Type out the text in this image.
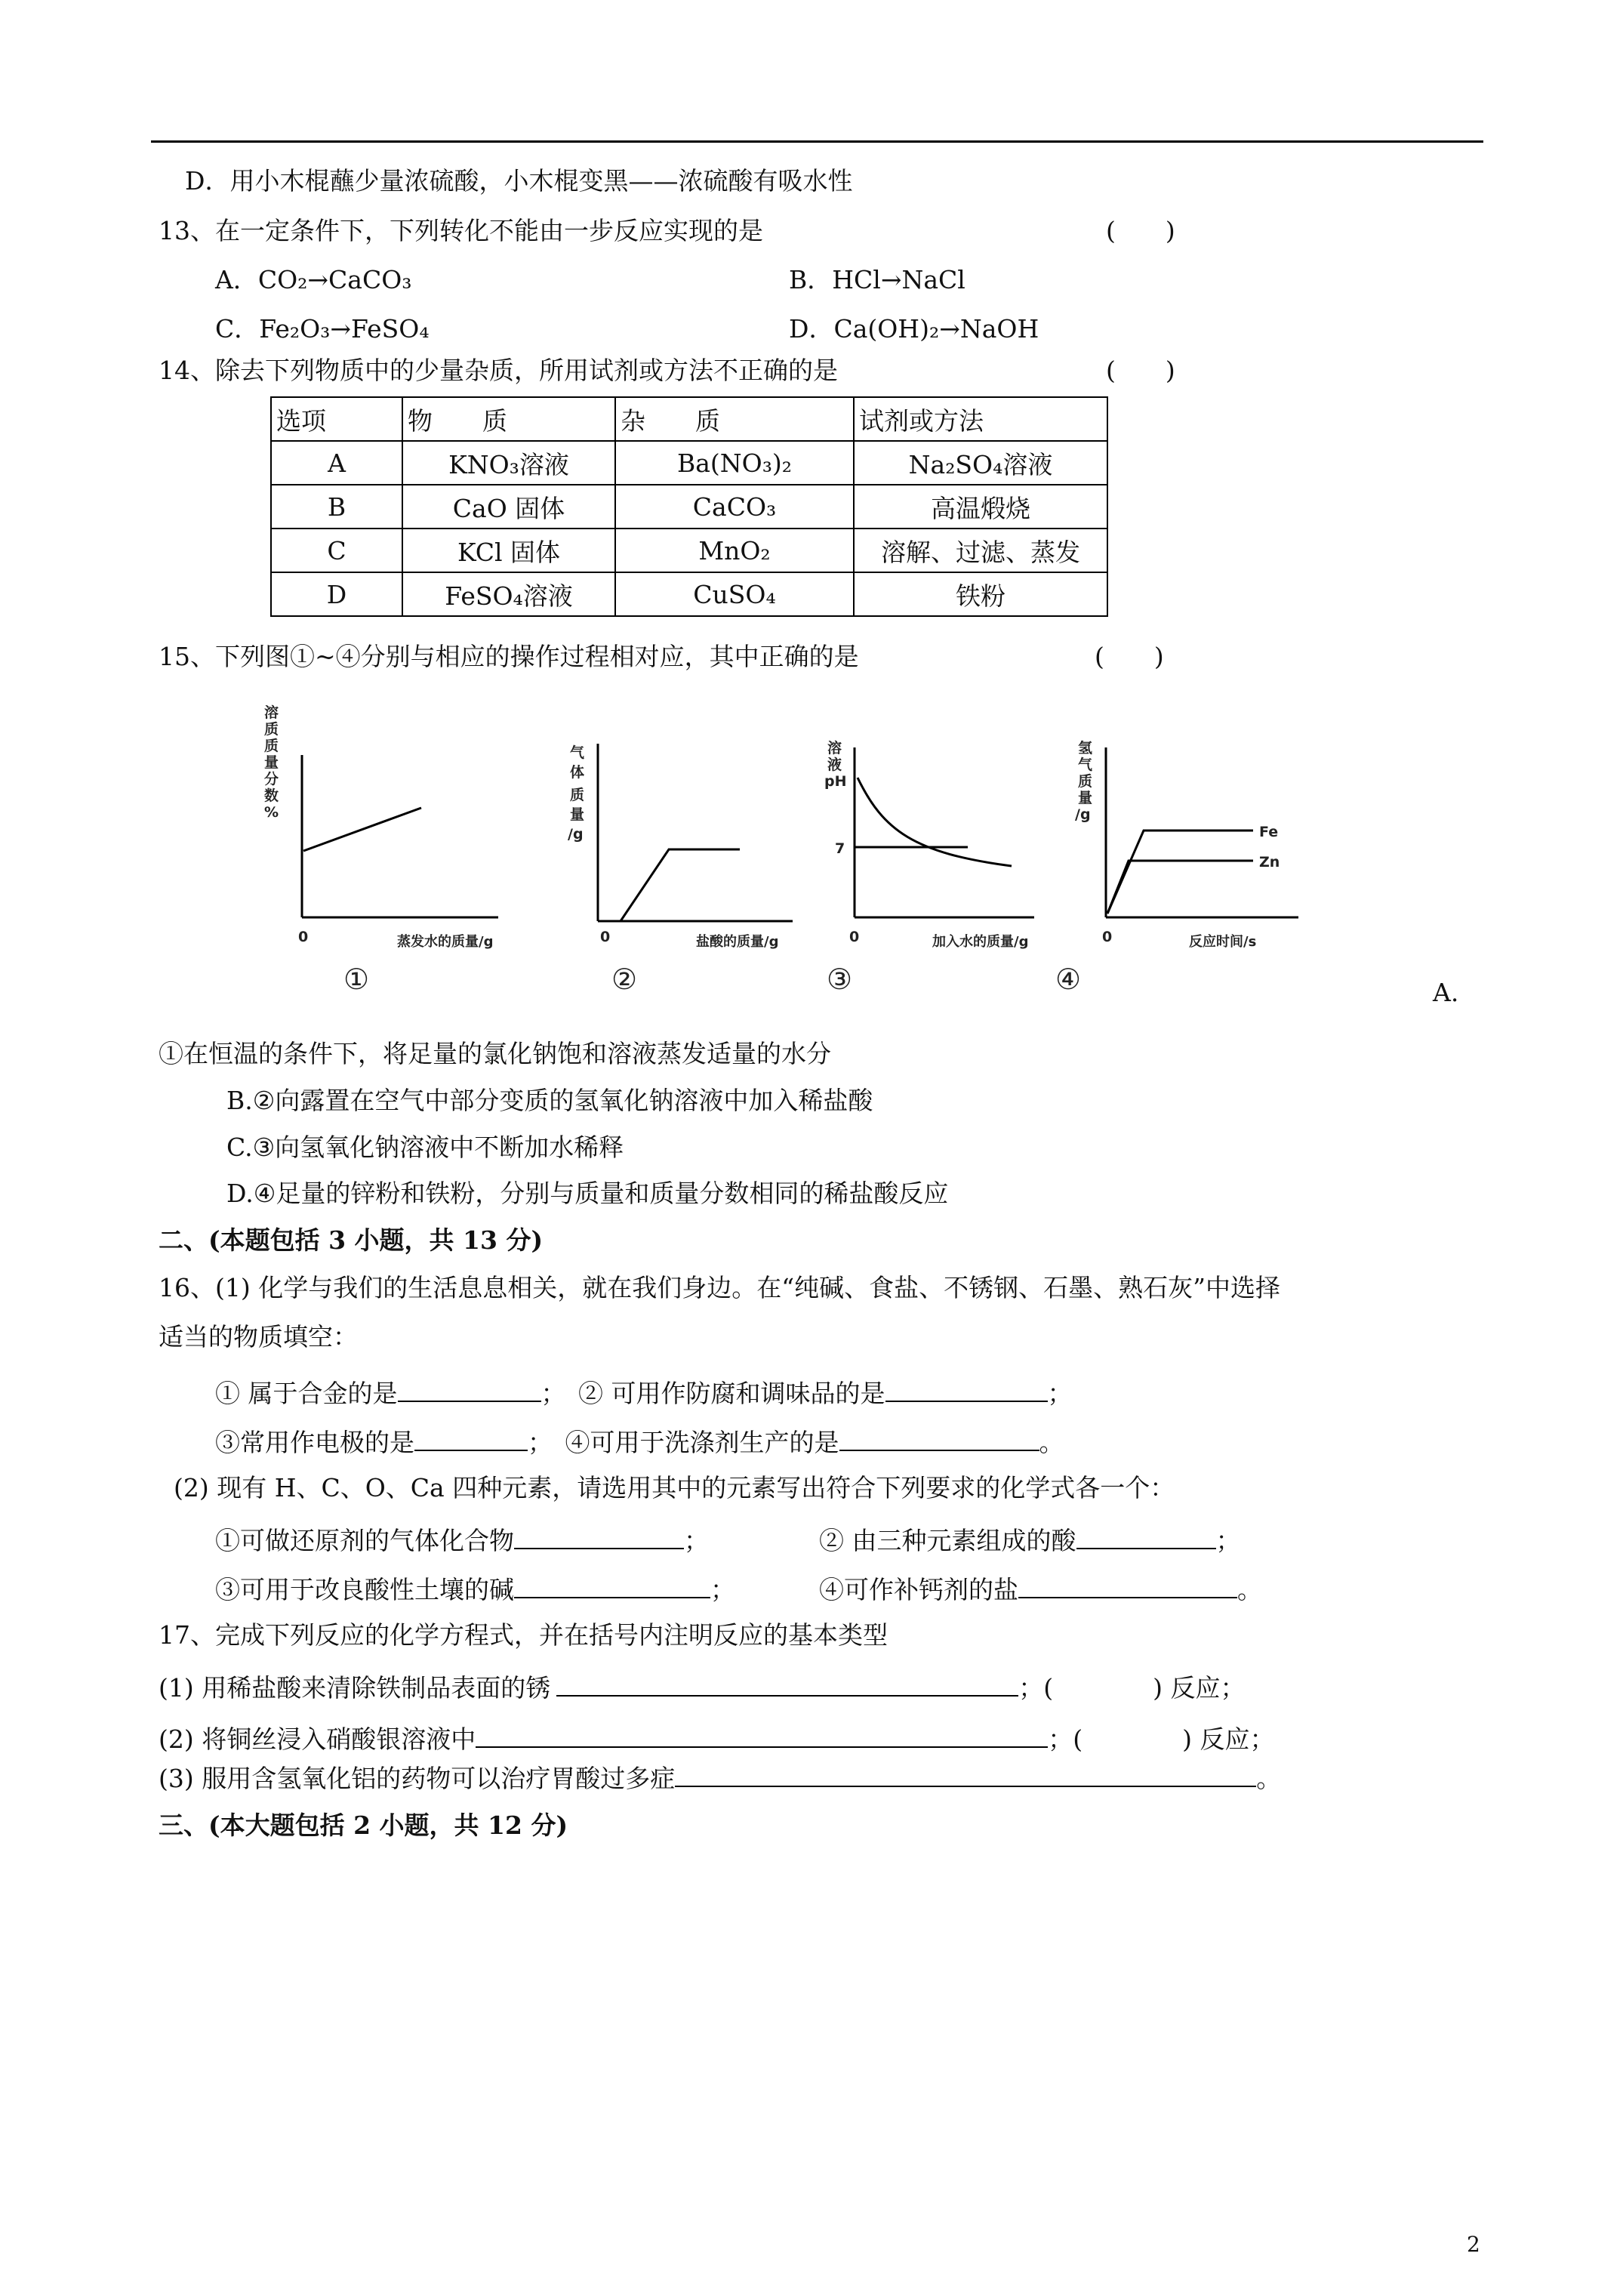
D．用小木棍蘸少量浓硫酸，小木棍变黑——浓硫酸有吸水性
13、在一定条件下，下列转化不能由一步反应实现的是	(　　)
A．CO₂→CaCO₃	B．HCl→NaCl
C．Fe₂O₃→FeSO₄	D．Ca(OH)₂→NaOH
14、除去下列物质中的少量杂质，所用试剂或方法不正确的是	(　　)
选项	物　　质	杂　　质	试剂或方法
A	KNO₃溶液	Ba(NO₃)₂	Na₂SO₄溶液
B	CaO 固体	CaCO₃	高温煅烧
C	KCl 固体	MnO₂	溶解、过滤、蒸发
D	FeSO₄溶液	CuSO₄	铁粉
15、下列图①~④分别与相应的操作过程相对应，其中正确的是	(　　)
溶质质量分数%
0	蒸发水的质量/g
①
气体质量/g
0	盐酸的质量/g
②
溶液 pH
7
0	加入水的质量/g
③
氢气质量/g
Fe
Zn
0	反应时间/s
④	A.
①在恒温的条件下，将足量的氯化钠饱和溶液蒸发适量的水分
B.②向露置在空气中部分变质的氢氧化钠溶液中加入稀盐酸
C.③向氢氧化钠溶液中不断加水稀释
D.④足量的锌粉和铁粉，分别与质量和质量分数相同的稀盐酸反应
二、(本题包括 3 小题，共 13 分)
16、(1) 化学与我们的生活息息相关，就在我们身边。在“纯碱、食盐、不锈钢、石墨、熟石灰”中选择
适当的物质填空：
① 属于合金的是	；　② 可用作防腐和调味品的是	；
③常用作电极的是	；　④可用于洗涤剂生产的是	。
(2) 现有 H、C、O、Ca 四种元素，请选用其中的元素写出符合下列要求的化学式各一个：
①可做还原剂的气体化合物	；	② 由三种元素组成的酸	；
③可用于改良酸性土壤的碱	；	④可作补钙剂的盐	。
17、完成下列反应的化学方程式，并在括号内注明反应的基本类型
(1) 用稀盐酸来清除铁制品表面的锈	；(　　　　) 反应；
(2) 将铜丝浸入硝酸银溶液中	；(　　　　) 反应；
(3) 服用含氢氧化铝的药物可以治疗胃酸过多症	。
三、(本大题包括 2 小题，共 12 分)
2
